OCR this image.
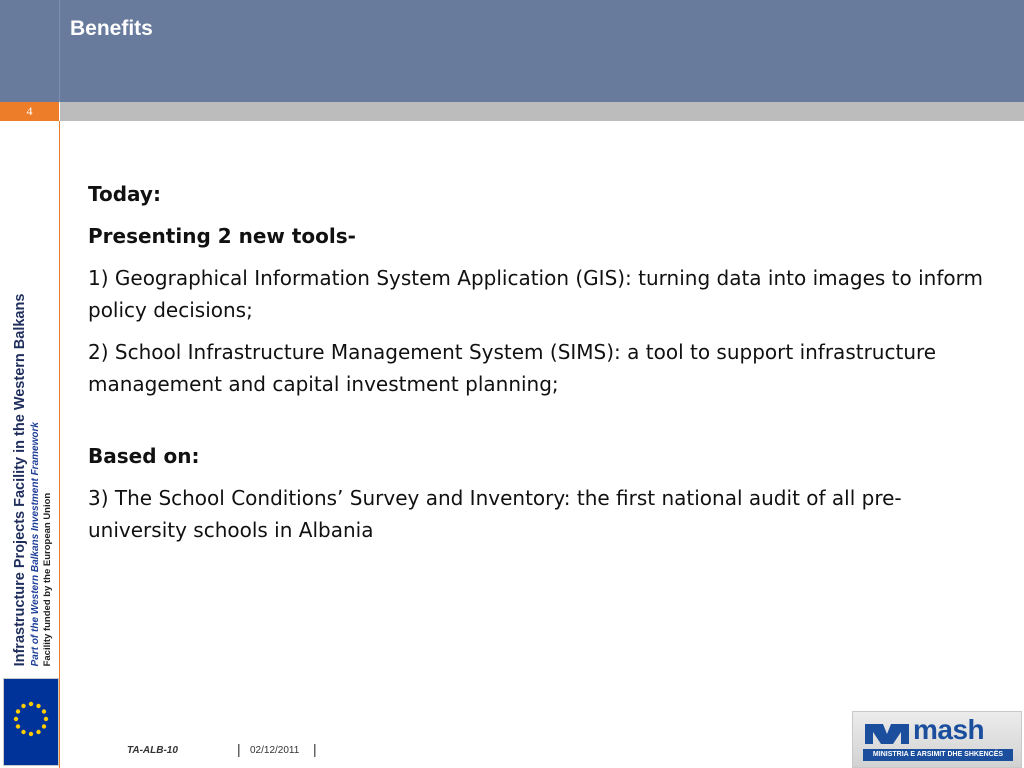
Benefits
4
Infrastructure Projects Facility in the Western Balkans Part of the Western Balkans Investment Framework Facility funded by the European Union

Today:

Presenting 2 new tools-

1) Geographical Information System Application (GIS): turning data into images to inform policy decisions;

2) School Infrastructure Management System (SIMS): a tool to support infrastructure management and capital investment planning;

Based on:

3) The School Conditions’ Survey and Inventory: the first national audit of all pre-university schools in Albania

TA-ALB-10	| 02/12/2011 |
mash
MINISTRIA E ARSIMIT DHE SHKENCËS
